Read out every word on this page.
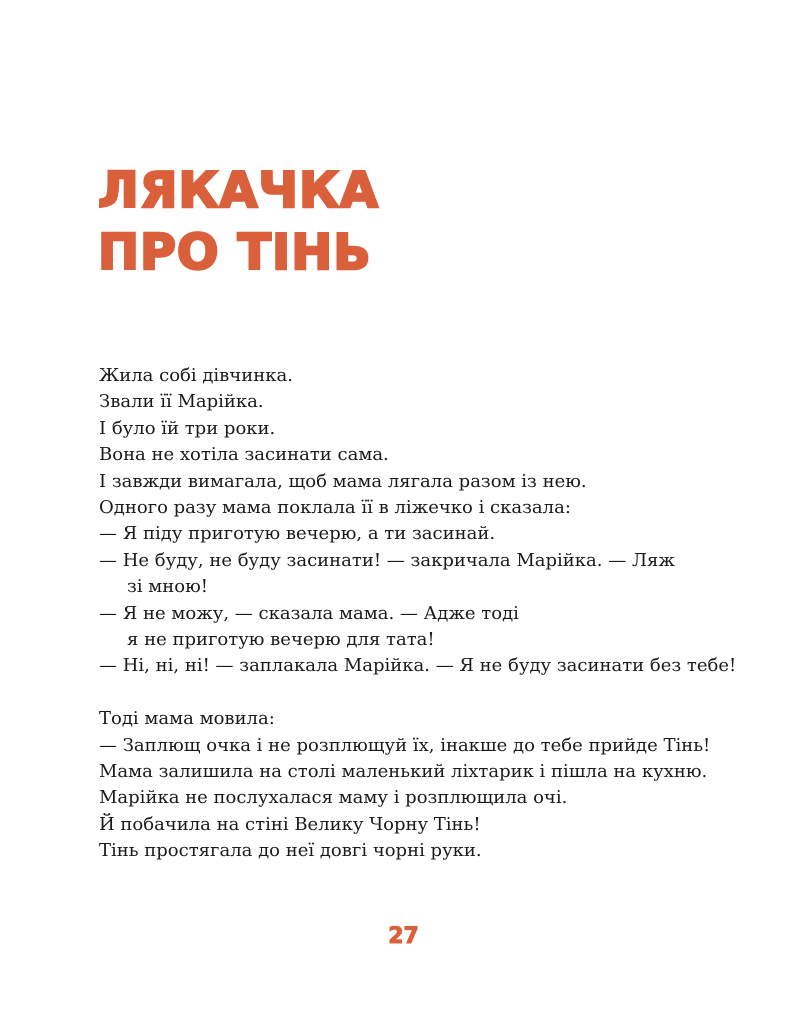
ЛЯКАЧКА
ПРО ТІНЬ

Жила собі дівчинка.

Звали її Марійка.

І було їй три роки.

Вона не хотіла засинати сама.

І завжди вимагала, щоб мама лягала разом із нею.

Одного разу мама поклала її в ліжечко і сказала:

— Я піду приготую вечерю, а ти засинай.

— Не буду, не буду засинати! — закричала Марійка. — Ляж

зі мною!

— Я не можу, — сказала мама. — Адже тоді

я не приготую вечерю для тата!

— Ні, ні, ні! — заплакала Марійка. — Я не буду засинати без тебе!

Тоді мама мовила:

— Заплющ очка і не розплющуй їх, інакше до тебе прийде Тінь!

Мама залишила на столі маленький ліхтарик і пішла на кухню.

Марійка не послухалася маму і розплющила очі.

Й побачила на стіні Велику Чорну Тінь!

Тінь простягала до неї довгі чорні руки.

27
